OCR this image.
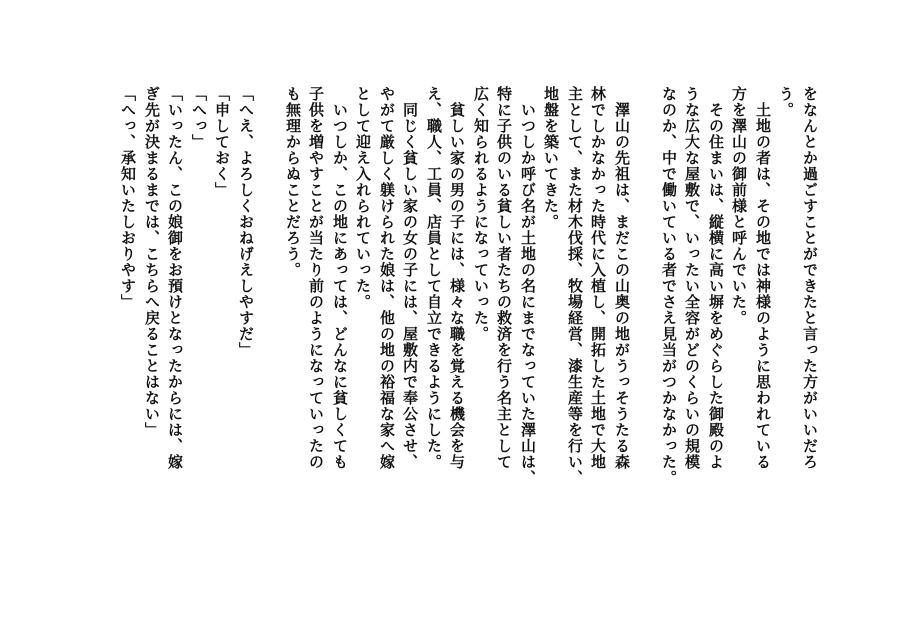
をなんとか過ごすことができたと言った方がいいだろ
う。
　土地の者は、その地では神様のように思われている
方を澤山の御前様と呼んでいた。
　その住まいは、縦横に高い塀をめぐらした御殿のよ
うな広大な屋敷で、いったい全容がどのくらいの規模
なのか、中で働いている者でさえ見当がつかなかった。
　澤山の先祖は、まだこの山奥の地がうっそうたる森
林でしかなかった時代に入植し、開拓した土地で大地
主として、また材木伐採、牧場経営、漆生産等を行い、
地盤を築いてきた。
　いつしか呼び名が土地の名にまでなっていた澤山は、
特に子供のいる貧しい者たちの救済を行う名主として
広く知られるようになっていった。
　貧しい家の男の子には、様々な職を覚える機会を与
え、職人、工員、店員として自立できるようにした。
　同じく貧しい家の女の子には、屋敷内で奉公させ、
やがて厳しく躾けられた娘は、他の地の裕福な家へ嫁
として迎え入れられていった。
　いつしか、この地にあっては、どんなに貧しくても
子供を増やすことが当たり前のようになっていったの
も無理からぬことだろう。
「へえ、よろしくおねげえしやすだ」
「申しておく」
「へっ」
「いったん、この娘御をお預けとなったからには、嫁
ぎ先が決まるまでは、こちらへ戻ることはない」
「へっ、承知いたしおりやす」
